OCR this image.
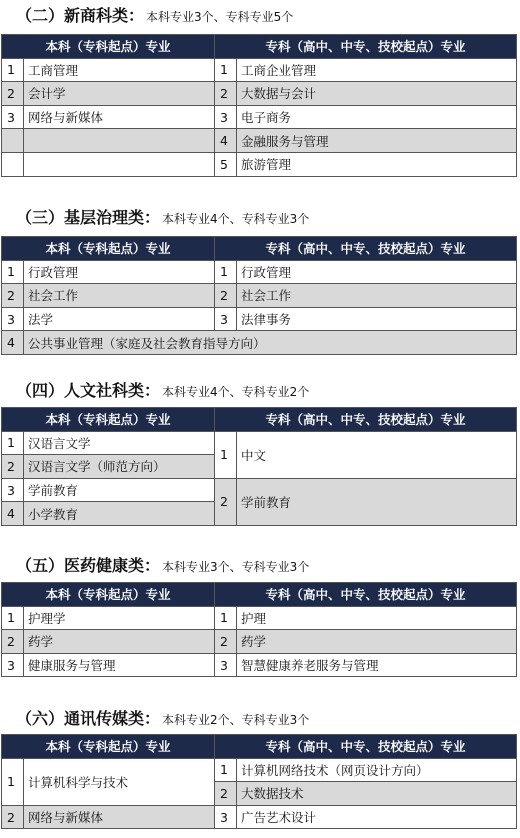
（二）新商科类： 本科专业3个、专科专业5个
本科（专科起点）专业		专科（高中、中专、技校起点）专业	
1	工商管理	1	工商企业管理
2	会计学	2	大数据与会计
3	网络与新媒体	3	电子商务
		4	金融服务与管理
		5	旅游管理
（三）基层治理类： 本科专业4个、专科专业3个
本科（专科起点）专业		专科（高中、中专、技校起点）专业	
1	行政管理	1	行政管理
2	社会工作	2	社会工作
3	法学	3	法律事务
4	公共事业管理（家庭及社会教育指导方向）		
（四）人文社科类： 本科专业4个、专科专业2个
本科（专科起点）专业		专科（高中、中专、技校起点）专业	
1	汉语言文学	1	中文
2	汉语言文学（师范方向）		
3	学前教育	2	学前教育
4	小学教育		
（五）医药健康类： 本科专业3个、专科专业3个
本科（专科起点）专业		专科（高中、中专、技校起点）专业	
1	护理学	1	护理
2	药学	2	药学
3	健康服务与管理	3	智慧健康养老服务与管理
（六）通讯传媒类： 本科专业2个、专科专业3个
本科（专科起点）专业		专科（高中、中专、技校起点）专业	
1	计算机科学与技术	1	计算机网络技术（网页设计方向）
		2	大数据技术
2	网络与新媒体	3	广告艺术设计
